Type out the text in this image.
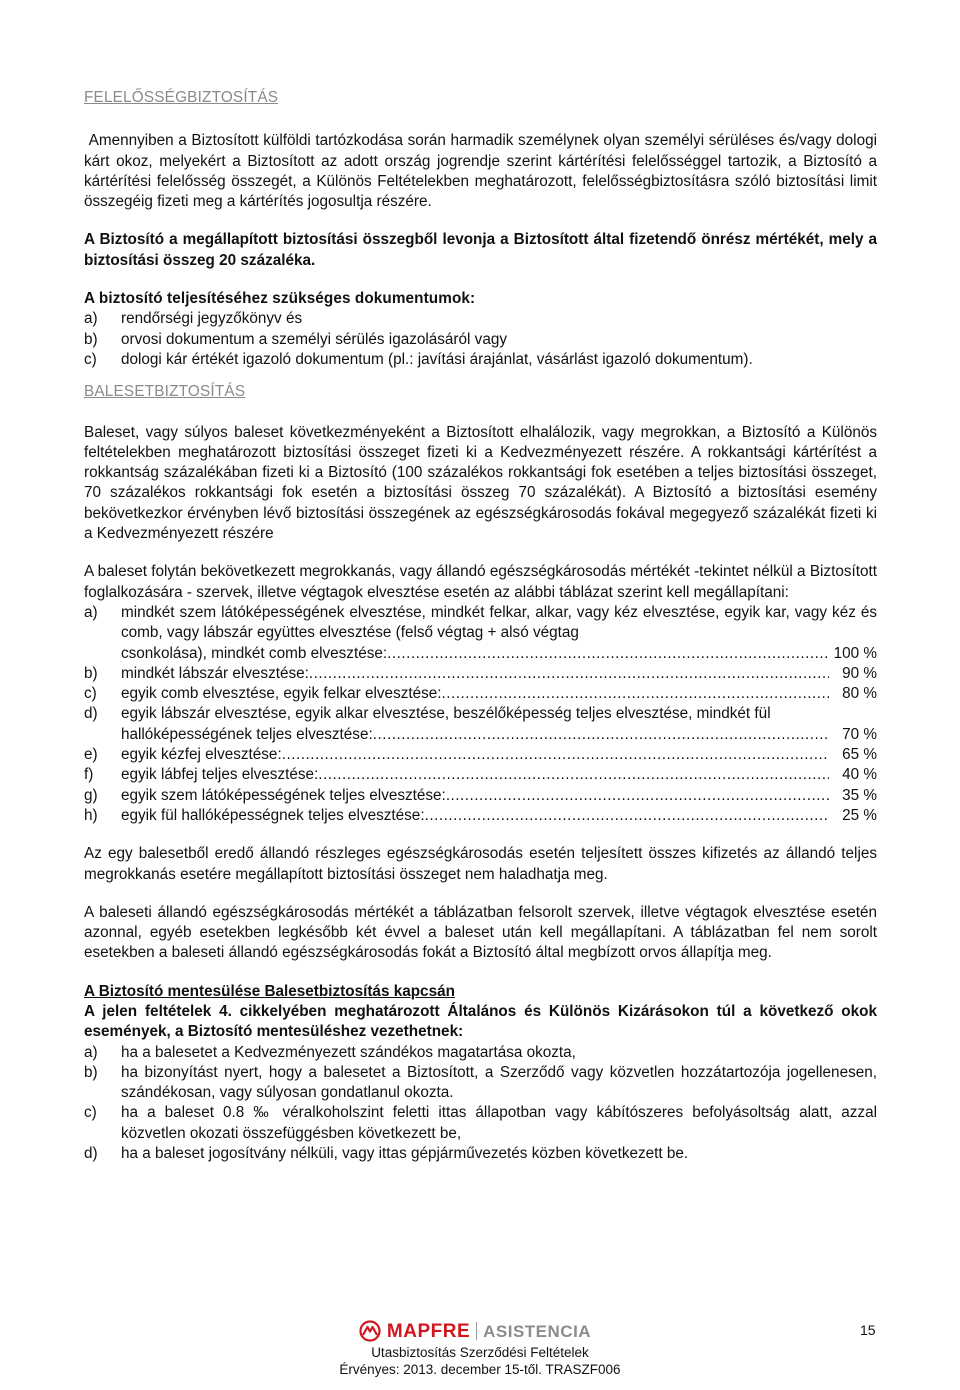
FELELŐSSÉGBIZTOSÍTÁS

Amennyiben a Biztosított külföldi tartózkodása során harmadik személynek olyan személyi sérüléses és/vagy dologi kárt okoz, melyekért a Biztosított az adott ország jogrendje szerint kártérítési felelősséggel tartozik, a Biztosító a kártérítési felelősség összegét, a Különös Feltételekben meghatározott, felelősségbiztosításra szóló biztosítási limit összegéig fizeti meg a kártérítés jogosultja részére.

A Biztosító a megállapított biztosítási összegből levonja a Biztosított által fizetendő önrész mértékét, mely a biztosítási összeg 20 százaléka.

A biztosító teljesítéséhez szükséges dokumentumok:

a) rendőrségi jegyzőkönyv és
b) orvosi dokumentum a személyi sérülés igazolásáról vagy
c) dologi kár értékét igazoló dokumentum (pl.: javítási árajánlat, vásárlást igazoló dokumentum).
BALESETBIZTOSÍTÁS

Baleset, vagy súlyos baleset következményeként a Biztosított elhalálozik, vagy megrokkan, a Biztosító a Különös feltételekben meghatározott biztosítási összeget fizeti ki a Kedvezményezett részére. A rokkantsági kártérítést a rokkantság százalékában fizeti ki a Biztosító (100 százalékos rokkantsági fok esetében a teljes biztosítási összeget, 70 százalékos rokkantsági fok esetén a biztosítási összeg 70 százalékát). A Biztosító a biztosítási esemény bekövetkezkor érvényben lévő biztosítási összegének az egészségkárosodás fokával megegyező százalékát fizeti ki a Kedvezményezett részére

A baleset folytán bekövetkezett megrokkanás, vagy állandó egészségkárosodás mértékét -tekintet nélkül a Biztosított foglalkozására - szervek, illetve végtagok elvesztése esetén az alábbi táblázat szerint kell megállapítani:

a) mindkét szem látóképességének elvesztése, mindkét felkar, alkar, vagy kéz elvesztése, egyik kar, vagy kéz és comb, vagy lábszár együttes elvesztése (felső végtag + alsó végtag
csonkolása), mindkét comb elvesztése: .....	100 %
b) mindkét lábszár elvesztése: .....	90 %
c) egyik comb elvesztése, egyik felkar elvesztése: .....	80 %
d) egyik lábszár elvesztése, egyik alkar elvesztése, beszélőképesség teljes elvesztése, mindkét fül
hallóképességének teljes elvesztése: .....	70 %
e) egyik kézfej elvesztése: .....	65 %
f) egyik lábfej teljes elvesztése: .....	40 %
g) egyik szem látóképességének teljes elvesztése: .....	35 %
h) egyik fül hallóképességnek teljes elvesztése: .....	25 %

Az egy balesetből eredő állandó részleges egészségkárosodás esetén teljesített összes kifizetés az állandó teljes megrokkanás esetére megállapított biztosítási összeget nem haladhatja meg.

A baleseti állandó egészségkárosodás mértékét a táblázatban felsorolt szervek, illetve végtagok elvesztése esetén azonnal, egyéb esetekben legkésőbb két évvel a baleset után kell megállapítani. A táblázatban fel nem sorolt esetekben a baleseti állandó egészségkárosodás fokát a Biztosító által megbízott orvos állapítja meg.

A Biztosító mentesülése Balesetbiztosítás kapcsán

A jelen feltételek 4. cikkelyében meghatározott Általános és Különös Kizárásokon túl a következő okok események, a Biztosító mentesüléshez vezethetnek:

a) ha a balesetet a Kedvezményezett szándékos magatartása okozta,
b) ha bizonyítást nyert, hogy a balesetet a Biztosított, a Szerződő vagy közvetlen hozzátartozója jogellenesen, szándékosan, vagy súlyosan gondatlanul okozta.
c) ha a baleset 0.8 ‰ véralkoholszint feletti ittas állapotban vagy kábítószeres befolyásoltság alatt, azzal közvetlen okozati összefüggésben következett be,
d) ha a baleset jogosítvány nélküli, vagy ittas gépjárművezetés közben következett be.
15
MAPFRE ASISTENCIA
Utasbiztosítás Szerződési Feltételek
Érvényes: 2013. december 15-től. TRASZF006
